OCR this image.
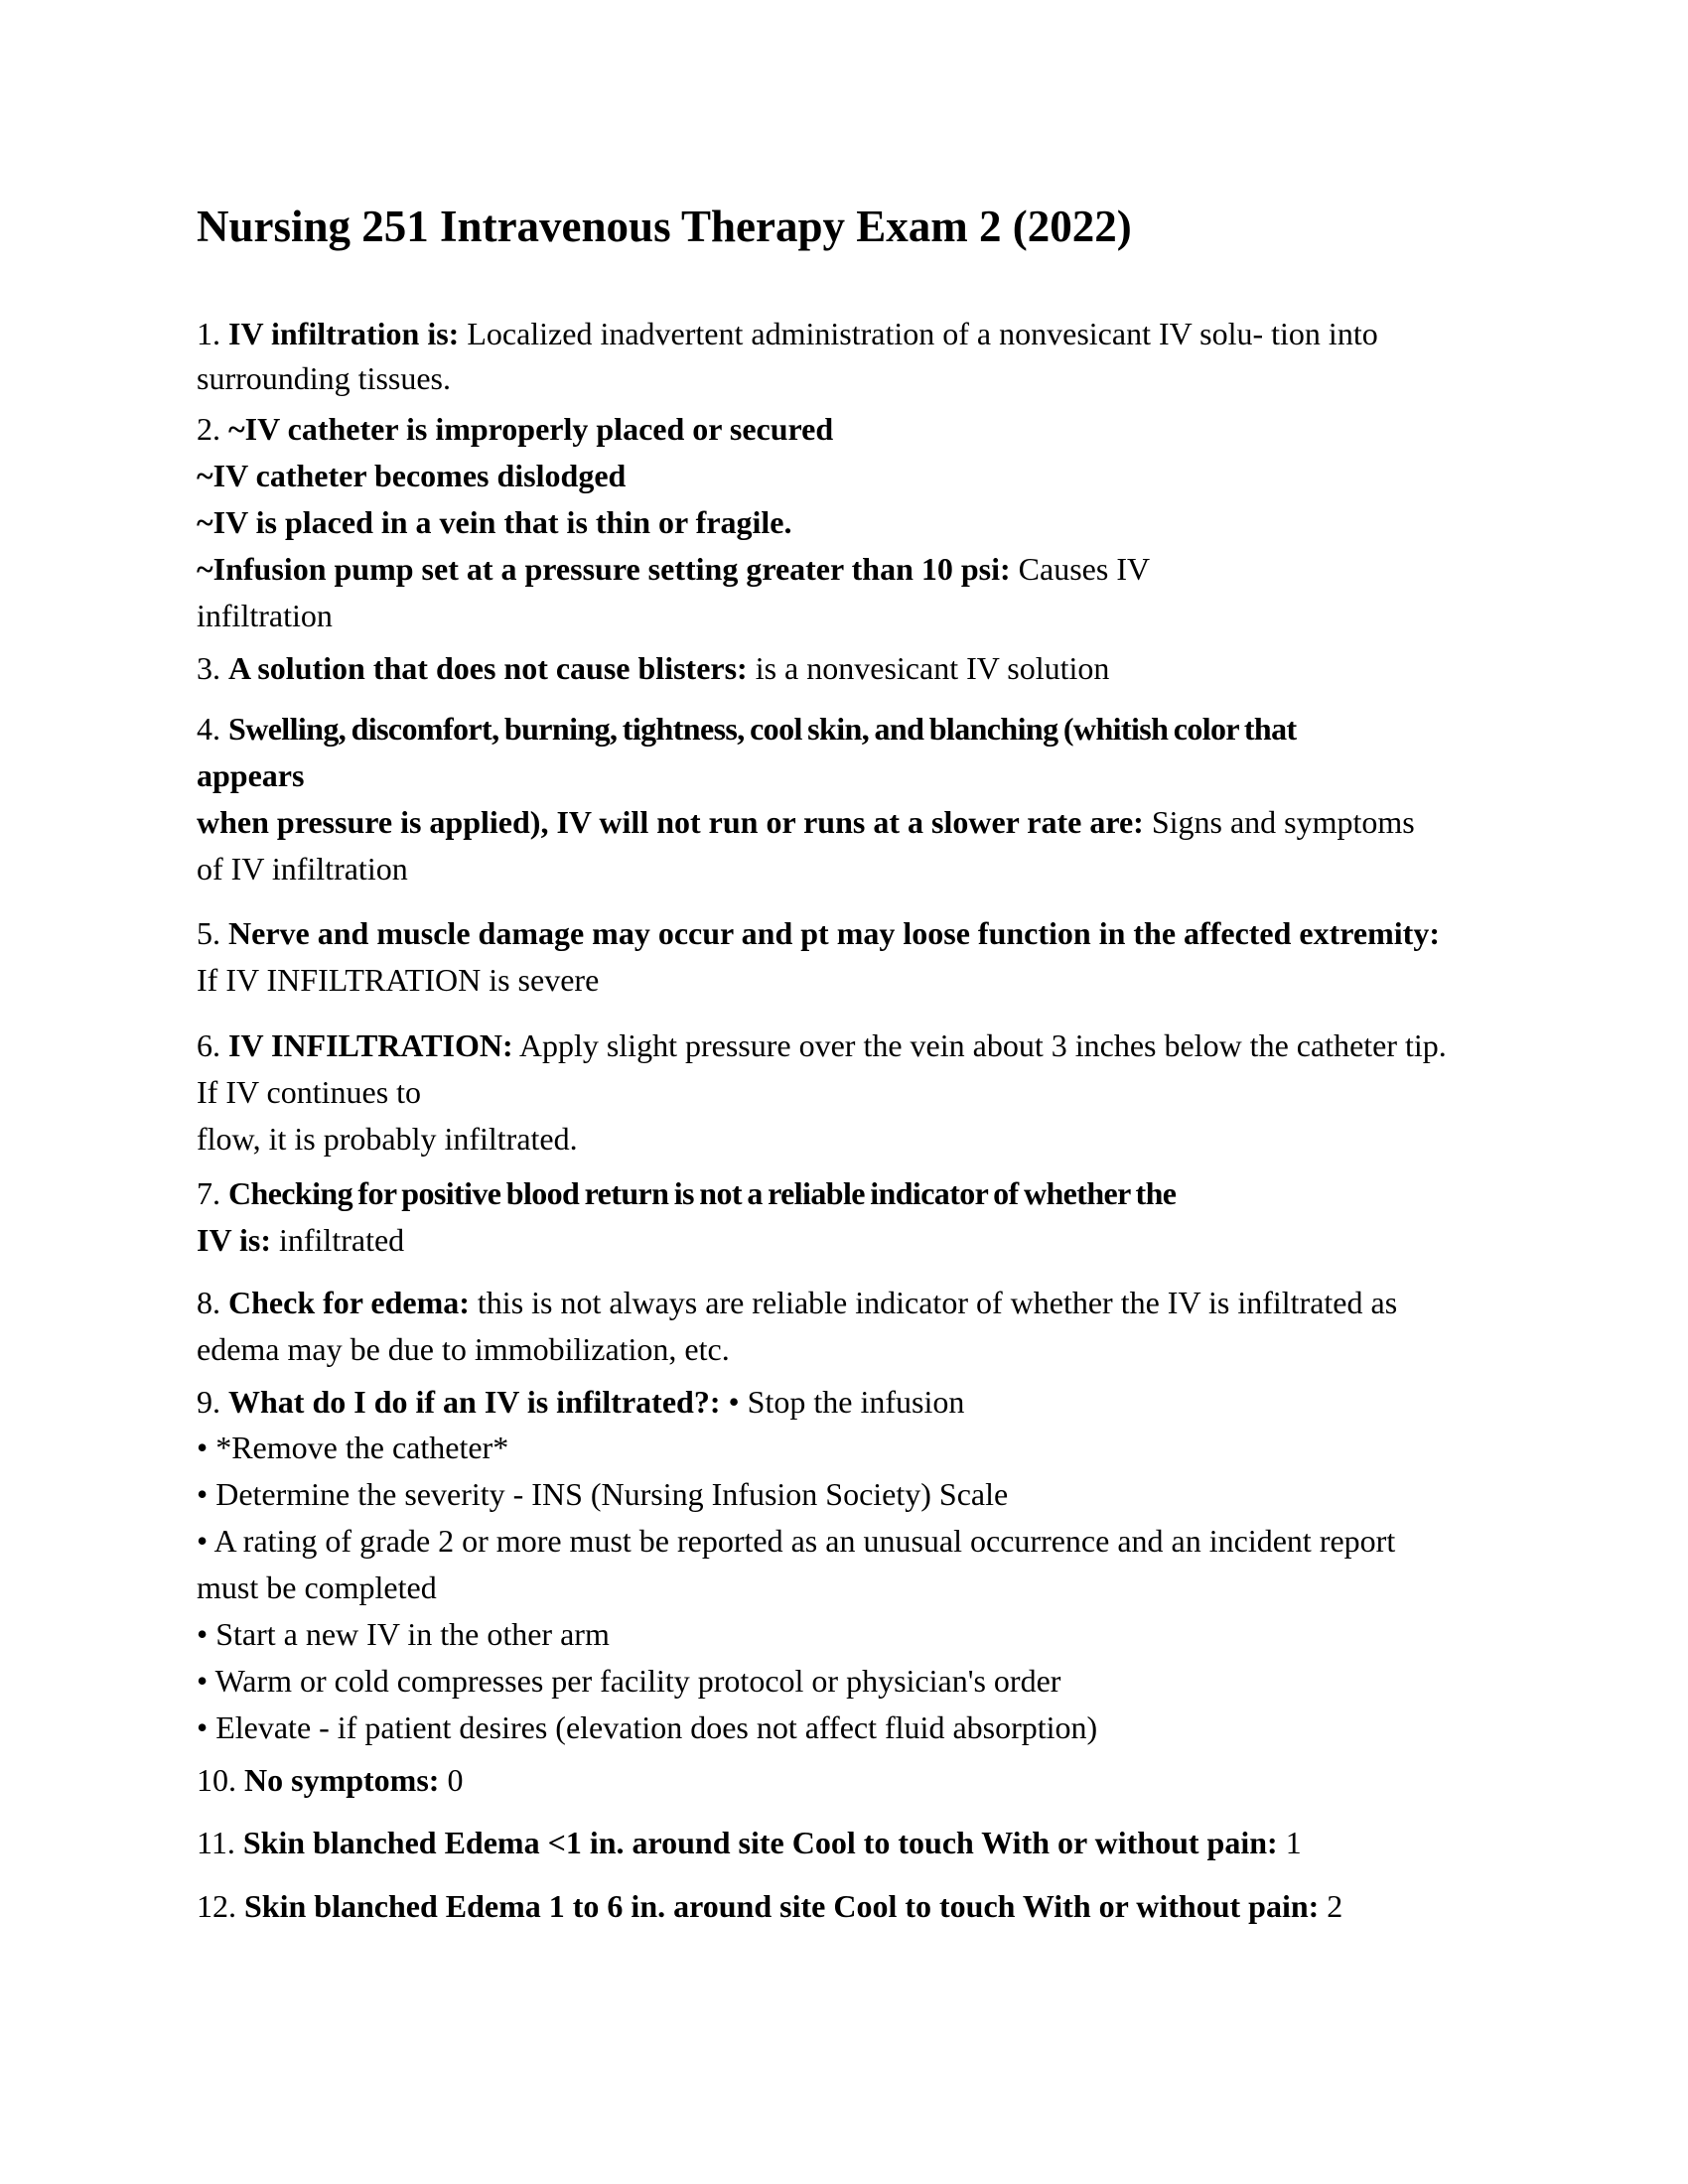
Nursing 251 Intravenous Therapy Exam 2 (2022)
1. IV infiltration is: Localized inadvertent administration of a nonvesicant IV solu- tion into
surrounding tissues.
2. ~IV catheter is improperly placed or secured
~IV catheter becomes dislodged
~IV is placed in a vein that is thin or fragile.
~Infusion pump set at a pressure setting greater than 10 psi: Causes IV
infiltration
3. A solution that does not cause blisters: is a nonvesicant IV solution
4. Swelling, discomfort, burning, tightness, cool skin, and blanching (whitish color that
appears
when pressure is applied), IV will not run or runs at a slower rate are: Signs and symptoms
of IV infiltration
5. Nerve and muscle damage may occur and pt may loose function in the affected extremity:
If IV INFILTRATION is severe
6. IV INFILTRATION: Apply slight pressure over the vein about 3 inches below the catheter tip.
If IV continues to
flow, it is probably infiltrated.
7. Checking for positive blood return is not a reliable indicator of whether the
IV is: infiltrated
8. Check for edema: this is not always are reliable indicator of whether the IV is infiltrated as
edema may be due to immobilization, etc.
9. What do I do if an IV is infiltrated?: • Stop the infusion
• *Remove the catheter*
• Determine the severity - INS (Nursing Infusion Society) Scale
• A rating of grade 2 or more must be reported as an unusual occurrence and an incident report
must be completed
• Start a new IV in the other arm
• Warm or cold compresses per facility protocol or physician's order
• Elevate - if patient desires (elevation does not affect fluid absorption)
10. No symptoms: 0
11. Skin blanched Edema <1 in. around site Cool to touch With or without pain: 1
12. Skin blanched Edema 1 to 6 in. around site Cool to touch With or without pain: 2
